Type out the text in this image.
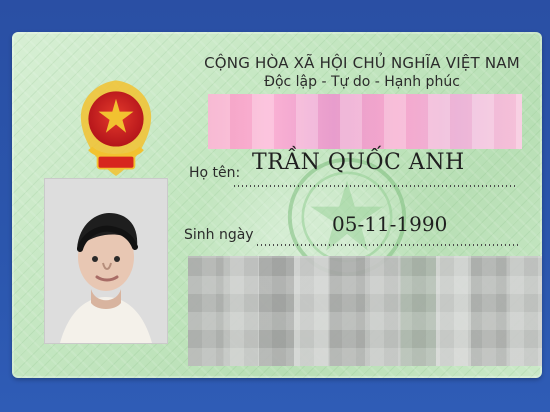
CỘNG HÒA XÃ HỘI CHỦ NGHĨA VIỆT NAM
Độc lập - Tự do - Hạnh phúc
Họ tên: TRẦN QUỐC ANH
Sinh ngày	05-11-1990
